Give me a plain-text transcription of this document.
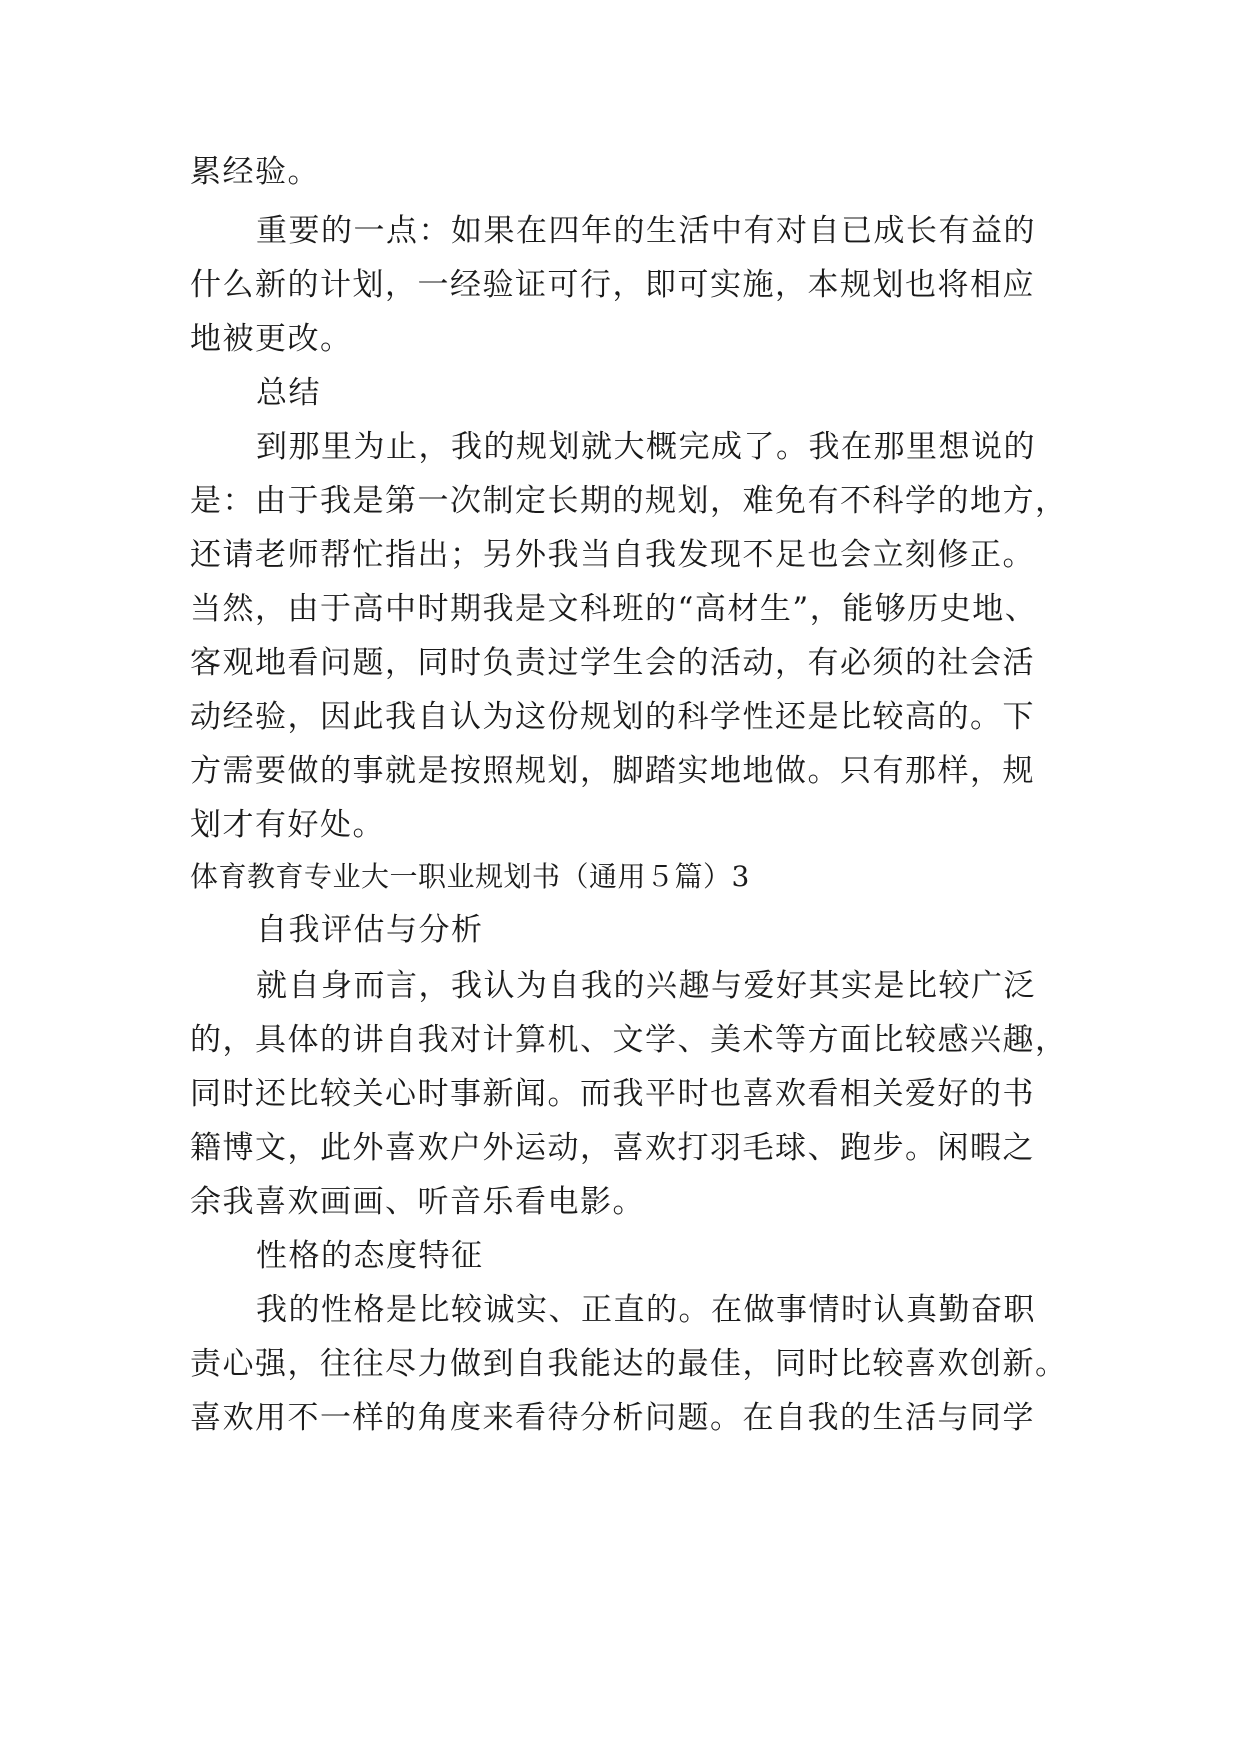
累经验。
重要的一点：如果在四年的生活中有对自已成长有益的
什么新的计划，一经验证可行，即可实施，本规划也将相应
地被更改。
总结
到那里为止，我的规划就大概完成了。我在那里想说的
是：由于我是第一次制定长期的规划，难免有不科学的地方，
还请老师帮忙指出；另外我当自我发现不足也会立刻修正。
当然，由于高中时期我是文科班的“高材生”，能够历史地、
客观地看问题，同时负责过学生会的活动，有必须的社会活
动经验，因此我自认为这份规划的科学性还是比较高的。下
方需要做的事就是按照规划，脚踏实地地做。只有那样，规
划才有好处。
体育教育专业大一职业规划书（通用５篇）3
自我评估与分析
就自身而言，我认为自我的兴趣与爱好其实是比较广泛
的，具体的讲自我对计算机、文学、美术等方面比较感兴趣，
同时还比较关心时事新闻。而我平时也喜欢看相关爱好的书
籍博文，此外喜欢户外运动，喜欢打羽毛球、跑步。闲暇之
余我喜欢画画、听音乐看电影。
性格的态度特征
我的性格是比较诚实、正直的。在做事情时认真勤奋职
责心强，往往尽力做到自我能达的最佳，同时比较喜欢创新。
喜欢用不一样的角度来看待分析问题。在自我的生活与同学
